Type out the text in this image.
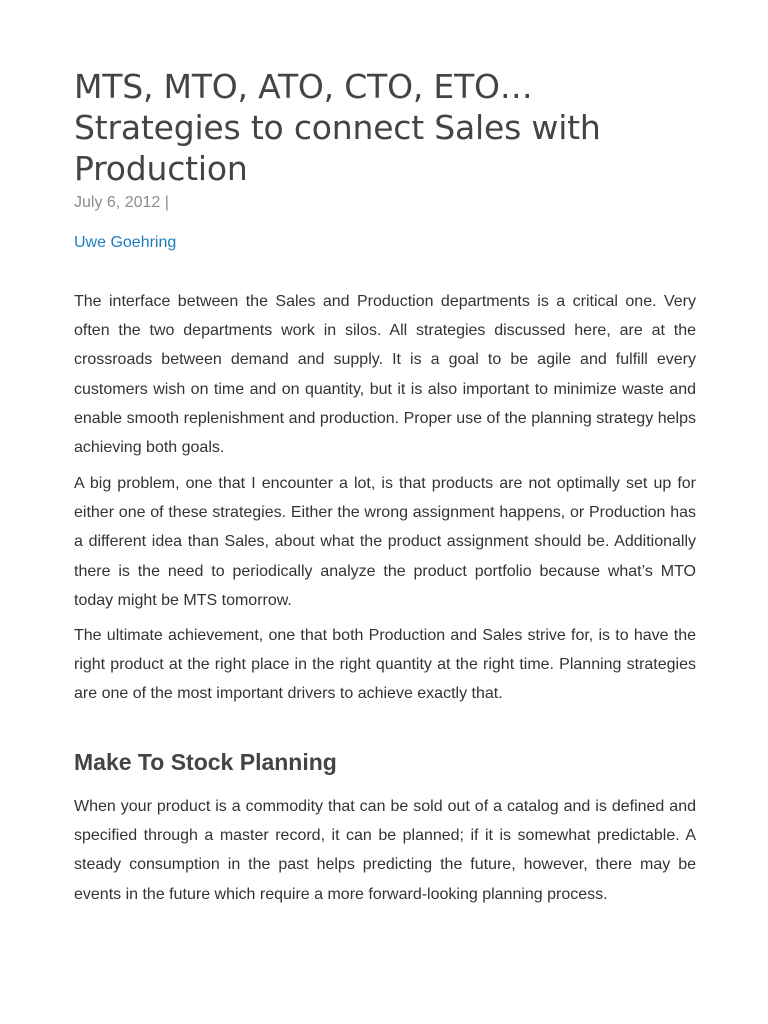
MTS, MTO, ATO, CTO, ETO… Strategies to connect Sales with Production
July 6, 2012 |
Uwe Goehring

The interface between the Sales and Production departments is a critical one. Very often the two departments work in silos. All strategies discussed here, are at the crossroads between demand and supply. It is a goal to be agile and fulfill every customers wish on time and on quantity, but it is also important to minimize waste and enable smooth replenishment and production. Proper use of the planning strategy helps achieving both goals.

A big problem, one that I encounter a lot, is that products are not optimally set up for either one of these strategies. Either the wrong assignment happens, or Production has a different idea than Sales, about what the product assignment should be. Additionally there is the need to periodically analyze the product portfolio because what’s MTO today might be MTS tomorrow.

The ultimate achievement, one that both Production and Sales strive for, is to have the right product at the right place in the right quantity at the right time. Planning strategies are one of the most important drivers to achieve exactly that.

Make To Stock Planning

When your product is a commodity that can be sold out of a catalog and is defined and specified through a master record, it can be planned; if it is somewhat predictable. A steady consumption in the past helps predicting the future, however, there may be events in the future which require a more forward-looking planning process.
